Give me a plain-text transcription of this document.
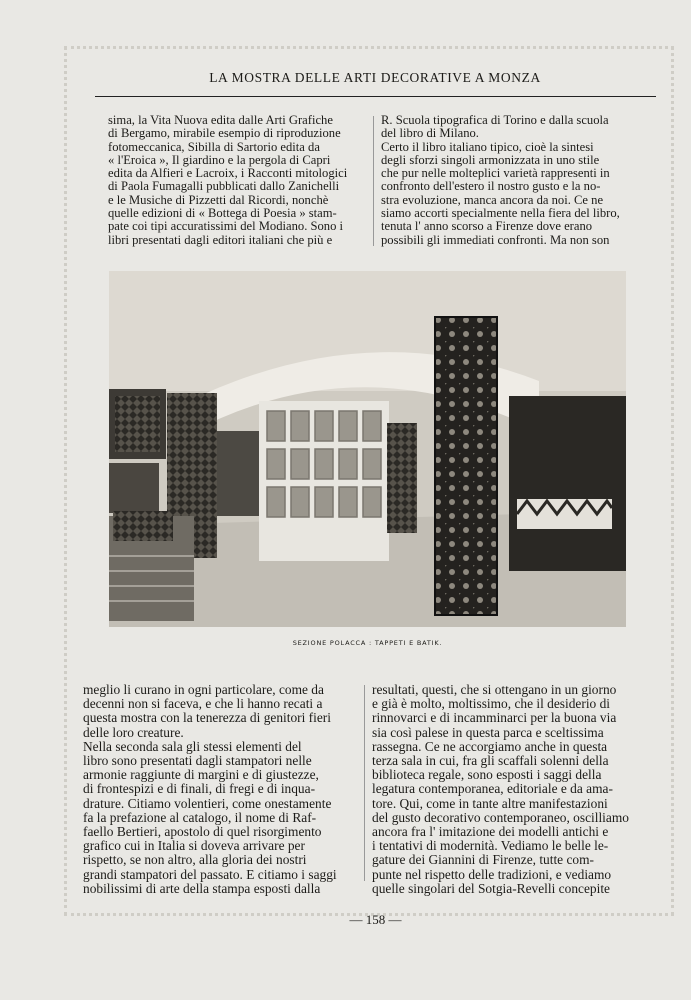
LA MOSTRA DELLE ARTI DECORATIVE A MONZA
sima, la Vita Nuova edita dalle Arti Grafiche
di Bergamo, mirabile esempio di riproduzione
fotomeccanica, Sibilla di Sartorio edita da
« l'Eroica », Il giardino e la pergola di Capri
edita da Alfieri e Lacroix, i Racconti mitologici
di Paola Fumagalli pubblicati dallo Zanichelli
e le Musiche di Pizzetti dal Ricordi, nonchè
quelle edizioni di « Bottega di Poesia » stam-
pate coi tipi accuratissimi del Modiano. Sono i
libri presentati dagli editori italiani che più e
R. Scuola tipografica di Torino e dalla scuola
del libro di Milano.
Certo il libro italiano tipico, cioè la sintesi
degli sforzi singoli armonizzata in uno stile
che pur nelle molteplici varietà rappresenti in
confronto dell'estero il nostro gusto e la no-
stra evoluzione, manca ancora da noi. Ce ne
siamo accorti specialmente nella fiera del libro,
tenuta l' anno scorso a Firenze dove erano
possibili gli immediati confronti. Ma non son
SEZIONE POLACCA : TAPPETI E BATIK.
meglio li curano in ogni particolare, come da
decenni non si faceva, e che li hanno recati a
questa mostra con la tenerezza di genitori fieri
delle loro creature.
Nella seconda sala gli stessi elementi del
libro sono presentati dagli stampatori nelle
armonie raggiunte di margini e di giustezze,
di frontespizi e di finali, di fregi e di inqua-
drature. Citiamo volentieri, come onestamente
fa la prefazione al catalogo, il nome di Raf-
faello Bertieri, apostolo di quel risorgimento
grafico cui in Italia si doveva arrivare per
rispetto, se non altro, alla gloria dei nostri
grandi stampatori del passato. E citiamo i saggi
nobilissimi di arte della stampa esposti dalla
resultati, questi, che si ottengano in un giorno
e già è molto, moltissimo, che il desiderio di
rinnovarci e di incamminarci per la buona via
sia così palese in questa parca e sceltissima
rassegna. Ce ne accorgiamo anche in questa
terza sala in cui, fra gli scaffali solenni della
biblioteca regale, sono esposti i saggi della
legatura contemporanea, editoriale e da ama-
tore. Qui, come in tante altre manifestazioni
del gusto decorativo contemporaneo, oscilliamo
ancora fra l' imitazione dei modelli antichi e
i tentativi di modernità. Vediamo le belle le-
gature dei Giannini di Firenze, tutte com-
punte nel rispetto delle tradizioni, e vediamo
quelle singolari del Sotgia-Revelli concepite
— 158 —
